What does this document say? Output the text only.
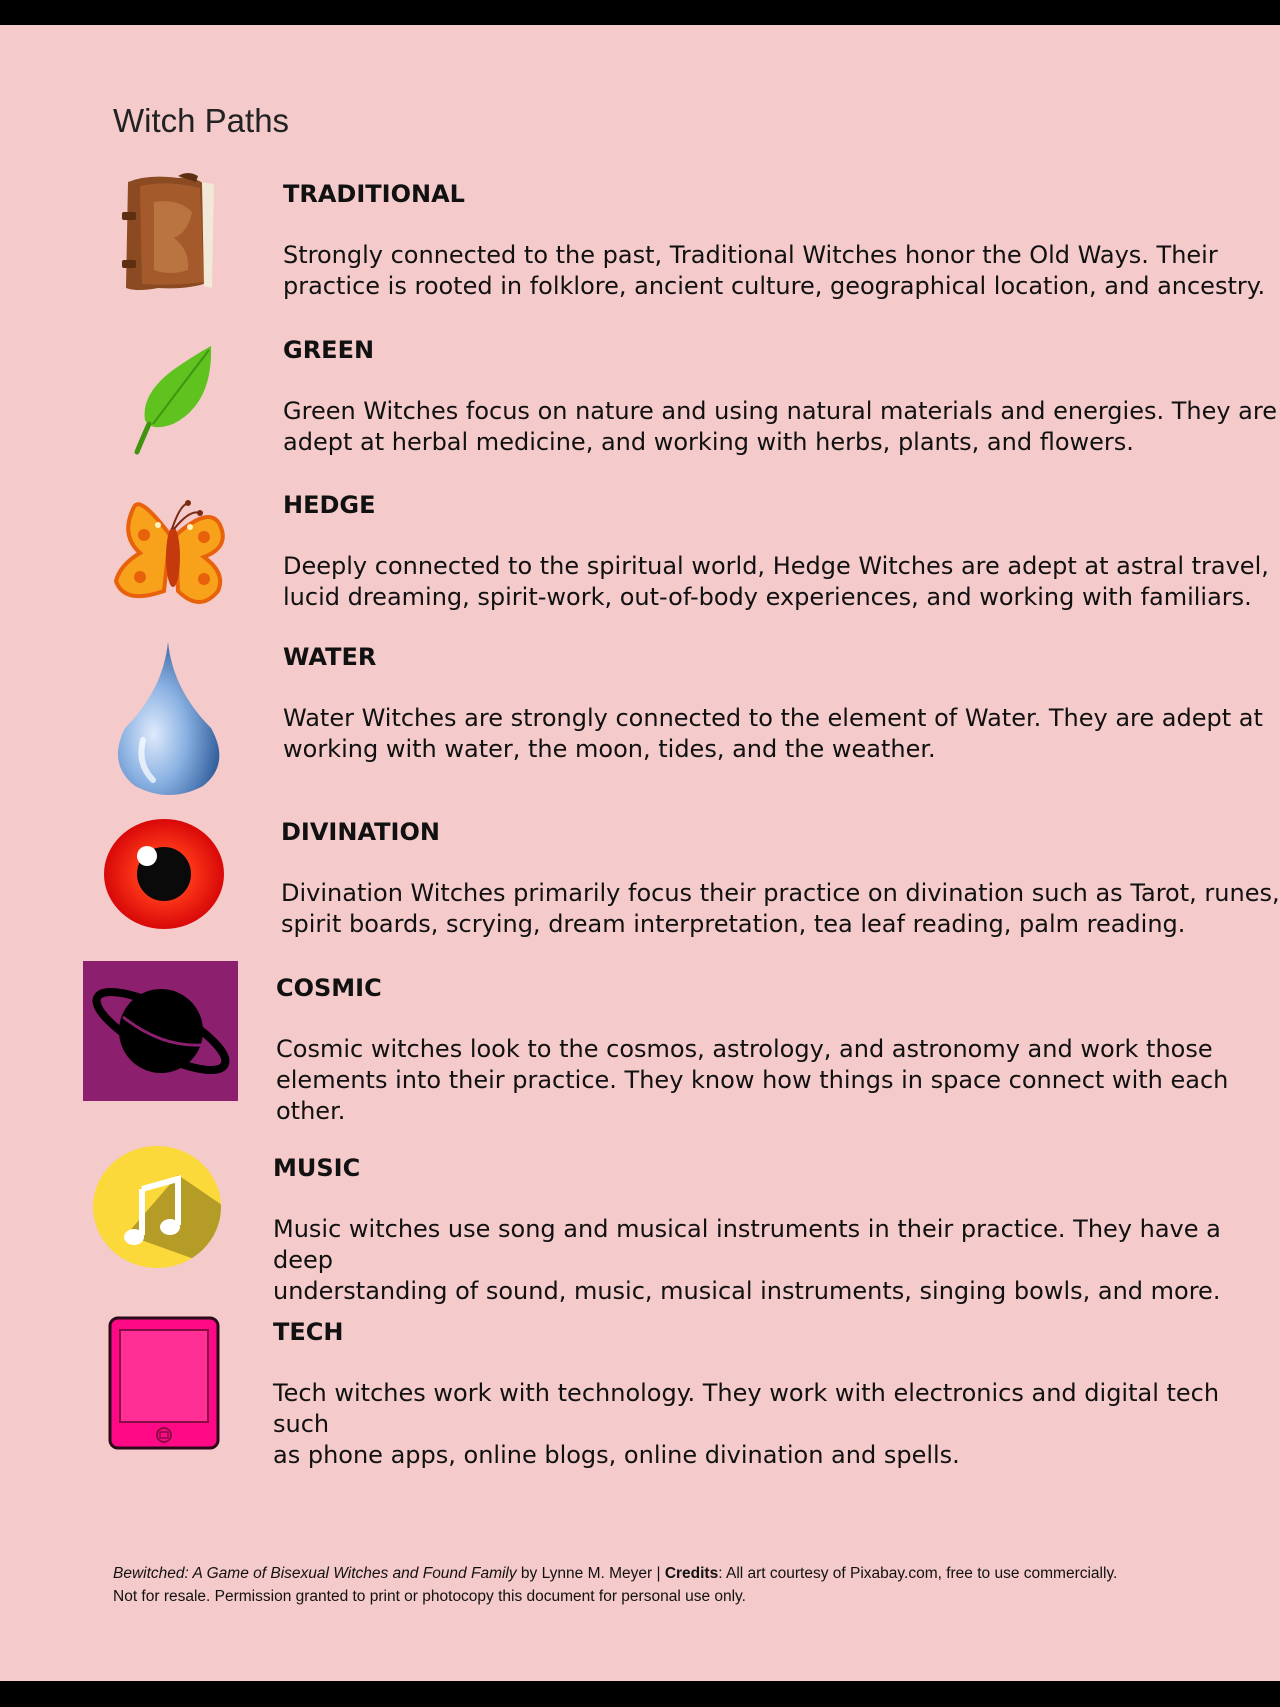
Witch Paths
TRADITIONAL

Strongly connected to the past, Traditional Witches honor the Old Ways. Their
practice is rooted in folklore, ancient culture, geographical location, and ancestry.

GREEN

Green Witches focus on nature and using natural materials and energies. They are
adept at herbal medicine, and working with herbs, plants, and flowers.

HEDGE

Deeply connected to the spiritual world, Hedge Witches are adept at astral travel,
lucid dreaming, spirit-work, out-of-body experiences, and working with familiars.

WATER

Water Witches are strongly connected to the element of Water. They are adept at
working with water, the moon, tides, and the weather.

DIVINATION

Divination Witches primarily focus their practice on divination such as Tarot, runes,
spirit boards, scrying, dream interpretation, tea leaf reading, palm reading.

COSMIC

Cosmic witches look to the cosmos, astrology, and astronomy and work those
elements into their practice. They know how things in space connect with each other.

MUSIC

Music witches use song and musical instruments in their practice. They have a deep
understanding of sound, music, musical instruments, singing bowls, and more.

TECH

Tech witches work with technology. They work with electronics and digital tech such
as phone apps, online blogs, online divination and spells.

Bewitched: A Game of Bisexual Witches and Found Family by Lynne M. Meyer | Credits: All art courtesy of Pixabay.com, free to use commercially. Not for resale. Permission granted to print or photocopy this document for personal use only.
